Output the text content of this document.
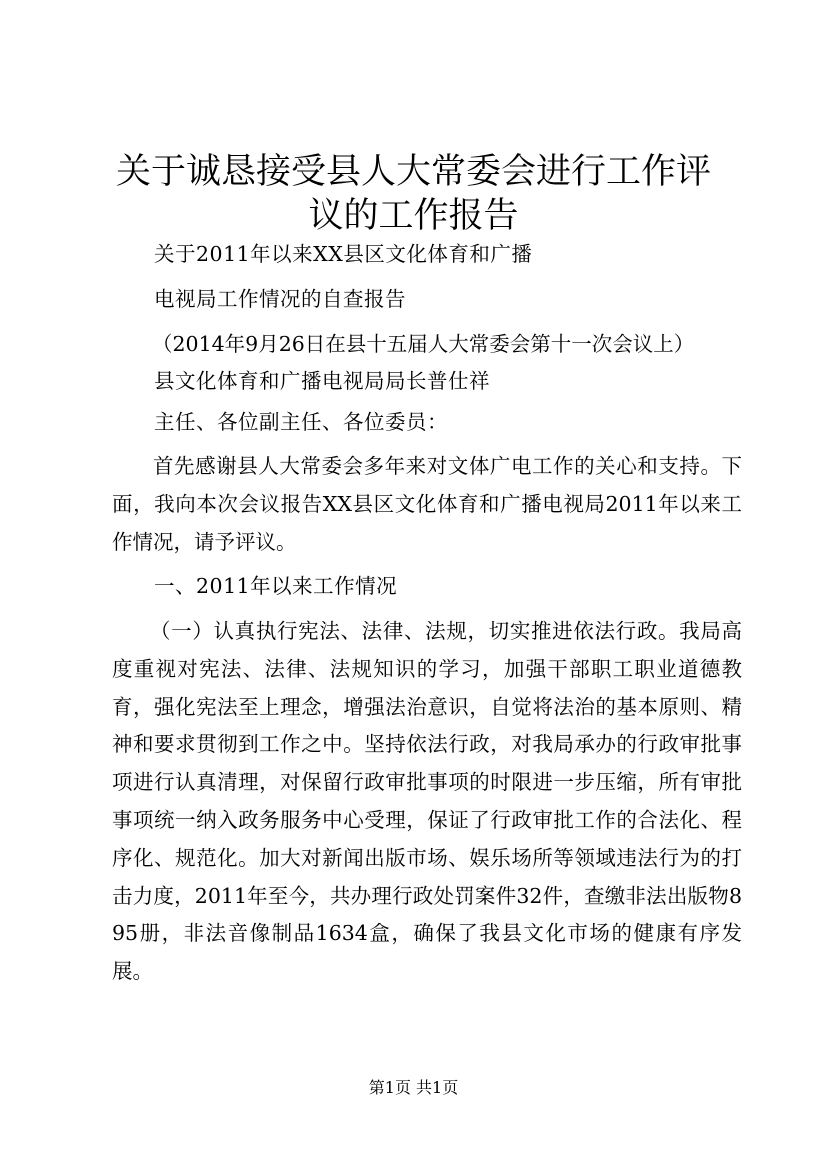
关于诚恳接受县人大常委会进行工作评议的工作报告
关于2011年以来XX县区文化体育和广播
电视局工作情况的自查报告
（2014年9月26日在县十五届人大常委会第十一次会议上）
县文化体育和广播电视局局长普仕祥
主任、各位副主任、各位委员：
首先感谢县人大常委会多年来对文体广电工作的关心和支持。下面，我向本次会议报告XX县区文化体育和广播电视局2011年以来工作情况，请予评议。
一、2011年以来工作情况
（一）认真执行宪法、法律、法规，切实推进依法行政。我局高度重视对宪法、法律、法规知识的学习，加强干部职工职业道德教育，强化宪法至上理念，增强法治意识，自觉将法治的基本原则、精神和要求贯彻到工作之中。坚持依法行政，对我局承办的行政审批事项进行认真清理，对保留行政审批事项的时限进一步压缩，所有审批事项统一纳入政务服务中心受理，保证了行政审批工作的合法化、程序化、规范化。加大对新闻出版市场、娱乐场所等领域违法行为的打击力度，2011年至今，共办理行政处罚案件32件，查缴非法出版物895册，非法音像制品1634盒，确保了我县文化市场的健康有序发展。
第1页 共1页
